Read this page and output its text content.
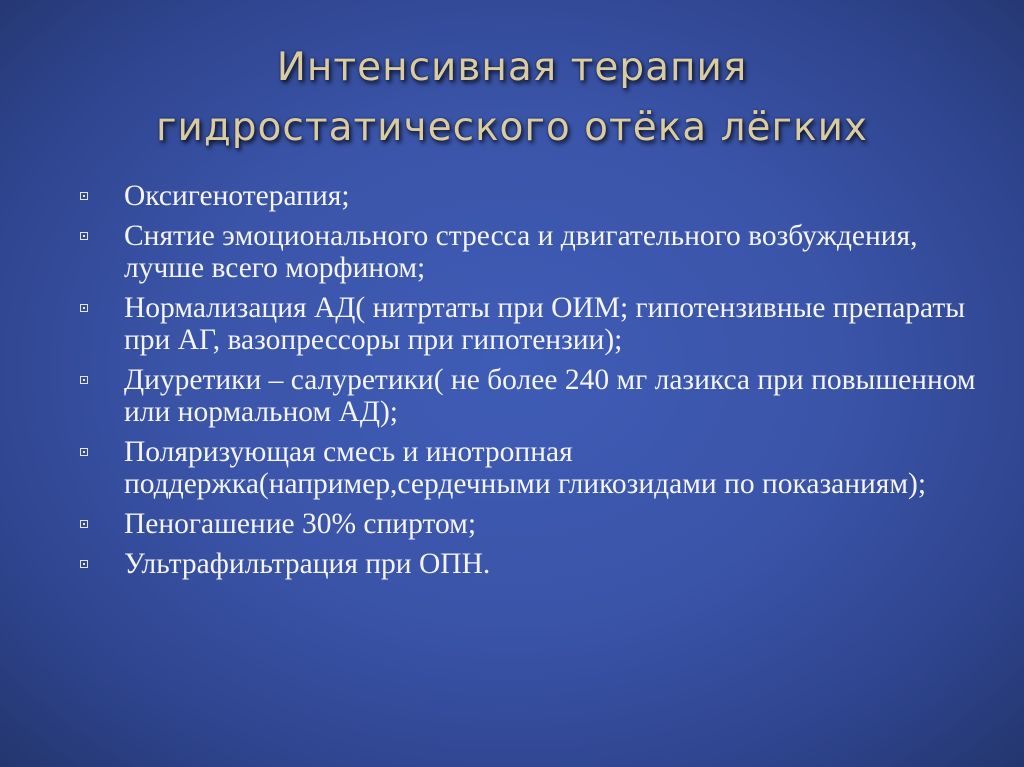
Интенсивная терапия
гидростатического отёка лёгких
Оксигенотерапия;
Снятие эмоционального стресса и двигательного возбуждения, лучше всего морфином;
Нормализация АД( нитртаты при ОИМ; гипотензивные препараты при АГ, вазопрессоры при гипотензии);
Диуретики – салуретики( не более 240 мг лазикса при повышенном или нормальном АД);
Поляризующая смесь и инотропная поддержка(например,сердечными гликозидами по показаниям);
Пеногашение 30% спиртом;
Ультрафильтрация при ОПН.
